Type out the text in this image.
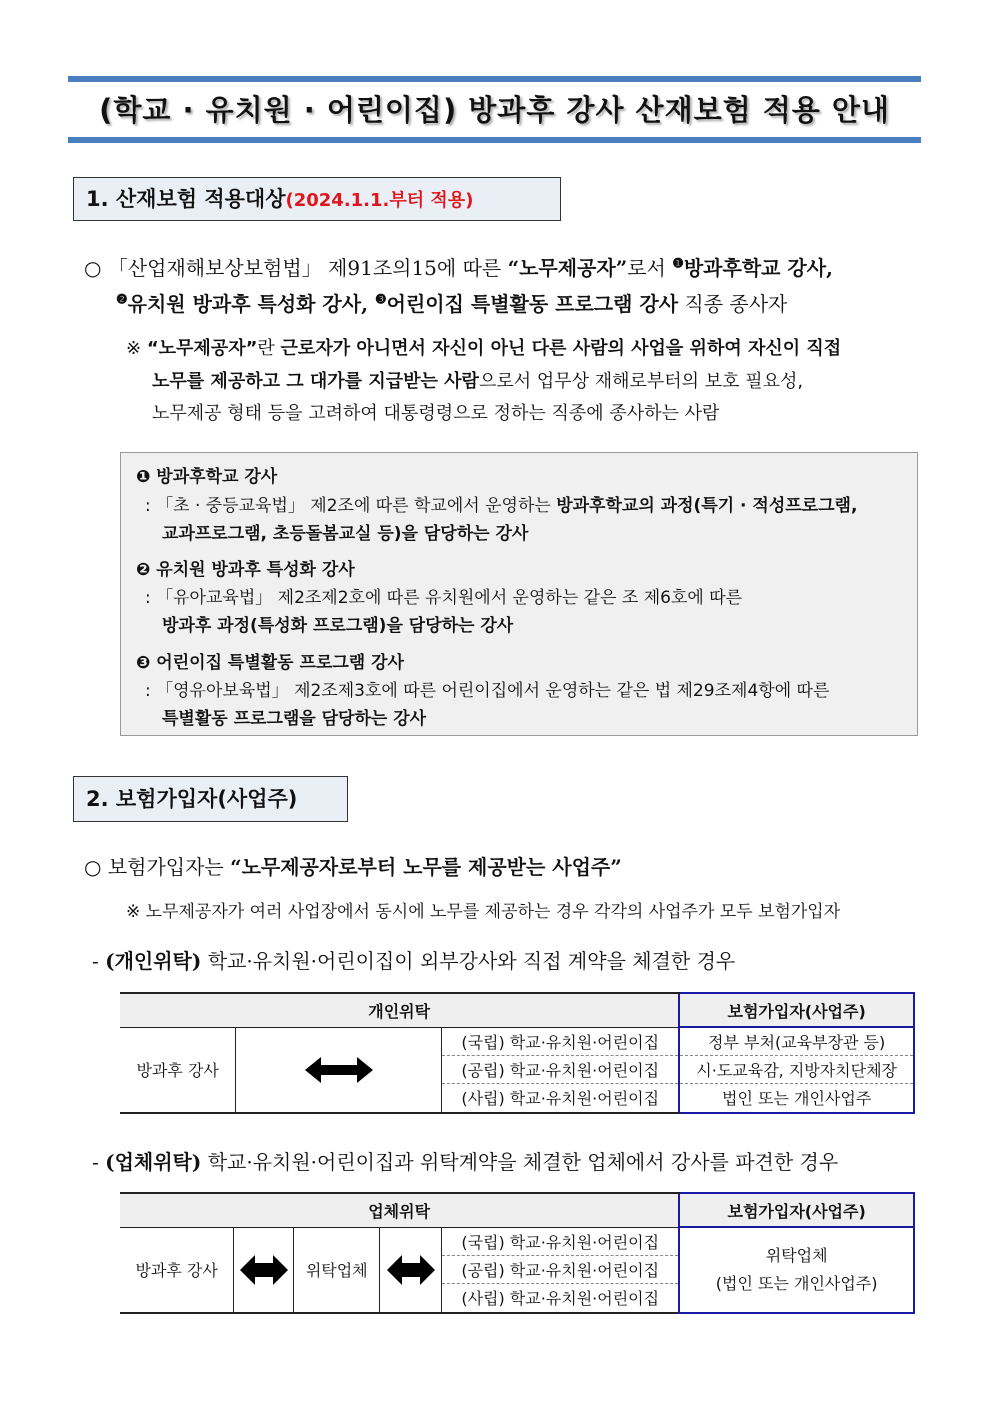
(학교 · 유치원 · 어린이집) 방과후 강사 산재보험 적용 안내
1. 산재보험 적용대상(2024.1.1.부터 적용)
○ 「산업재해보상보험법」 제91조의15에 따른 “노무제공자”로서 $^❶$방과후학교 강사,
$^❷$유치원 방과후 특성화 강사, $^❸$어린이집 특별활동 프로그램 강사 직종 종사자
※ “노무제공자”란 근로자가 아니면서 자신이 아닌 다른 사람의 사업을 위하여 자신이 직접
노무를 제공하고 그 대가를 지급받는 사람으로서 업무상 재해로부터의 보호 필요성,
노무제공 형태 등을 고려하여 대통령령으로 정하는 직종에 종사하는 사람
❶ 방과후학교 강사
: 「초 · 중등교육법」 제2조에 따른 학교에서 운영하는 방과후학교의 과정(특기 · 적성프로그램,
교과프로그램, 초등돌봄교실 등)을 담당하는 강사
❷ 유치원 방과후 특성화 강사
: 「유아교육법」 제2조제2호에 따른 유치원에서 운영하는 같은 조 제6호에 따른
방과후 과정(특성화 프로그램)을 담당하는 강사
❸ 어린이집 특별활동 프로그램 강사
: 「영유아보육법」 제2조제3호에 따른 어린이집에서 운영하는 같은 법 제29조제4항에 따른
특별활동 프로그램을 담당하는 강사
2. 보험가입자(사업주)
○ 보험가입자는 “노무제공자로부터 노무를 제공받는 사업주”
※ 노무제공자가 여러 사업장에서 동시에 노무를 제공하는 경우 각각의 사업주가 모두 보험가입자
- (개인위탁) 학교·유치원·어린이집이 외부강사와 직접 계약을 체결한 경우
개인위탁			보험가입자(사업주)
방과후 강사		(국립) 학교·유치원·어린이집	정부 부처(교육부장관 등)
		(공립) 학교·유치원·어린이집	시·도교육감, 지방자치단체장
		(사립) 학교·유치원·어린이집	법인 또는 개인사업주
- (업체위탁) 학교·유치원·어린이집과 위탁계약을 체결한 업체에서 강사를 파견한 경우
업체위탁					보험가입자(사업주)
방과후 강사		위탁업체		(국립) 학교·유치원·어린이집	위탁업체
(법인 또는 개인사업주)

				(공립) 학교·유치원·어린이집	
				(사립) 학교·유치원·어린이집	
